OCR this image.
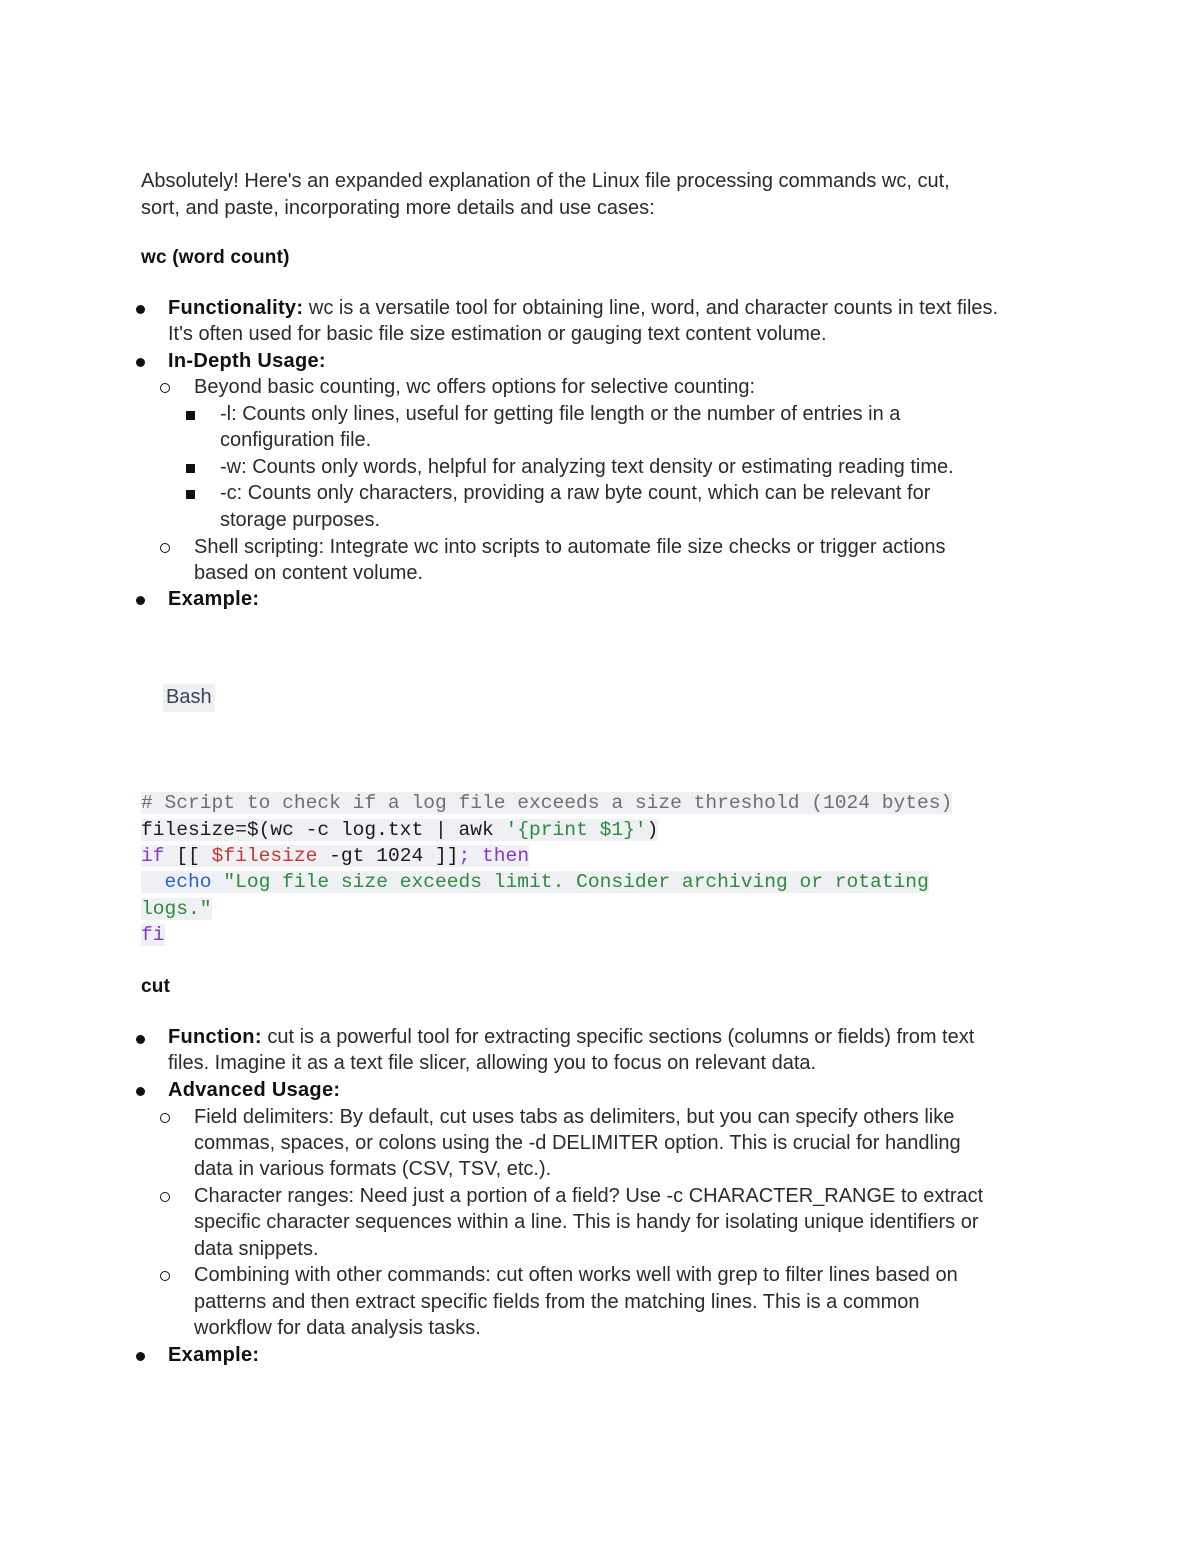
Absolutely! Here's an expanded explanation of the Linux file processing commands wc, cut,

sort, and paste, incorporating more details and use cases:

wc (word count)

Functionality: wc is a versatile tool for obtaining line, word, and character counts in text files.

It's often used for basic file size estimation or gauging text content volume.

In-Depth Usage:

Beyond basic counting, wc offers options for selective counting:

-l: Counts only lines, useful for getting file length or the number of entries in a

configuration file.

-w: Counts only words, helpful for analyzing text density or estimating reading time.

-c: Counts only characters, providing a raw byte count, which can be relevant for

storage purposes.

Shell scripting: Integrate wc into scripts to automate file size checks or trigger actions

based on content volume.

Example:

Bash
# Script to check if a log file exceeds a size threshold (1024 bytes)
filesize=$(wc -c log.txt | awk '{print $1}')
if [[ $filesize -gt 1024 ]]; then
echo "Log file size exceeds limit. Consider archiving or rotating
logs."
fi

cut

Function: cut is a powerful tool for extracting specific sections (columns or fields) from text

files. Imagine it as a text file slicer, allowing you to focus on relevant data.

Advanced Usage:

Field delimiters: By default, cut uses tabs as delimiters, but you can specify others like

commas, spaces, or colons using the -d DELIMITER option. This is crucial for handling

data in various formats (CSV, TSV, etc.).

Character ranges: Need just a portion of a field? Use -c CHARACTER_RANGE to extract

specific character sequences within a line. This is handy for isolating unique identifiers or

data snippets.

Combining with other commands: cut often works well with grep to filter lines based on

patterns and then extract specific fields from the matching lines. This is a common

workflow for data analysis tasks.

Example:
